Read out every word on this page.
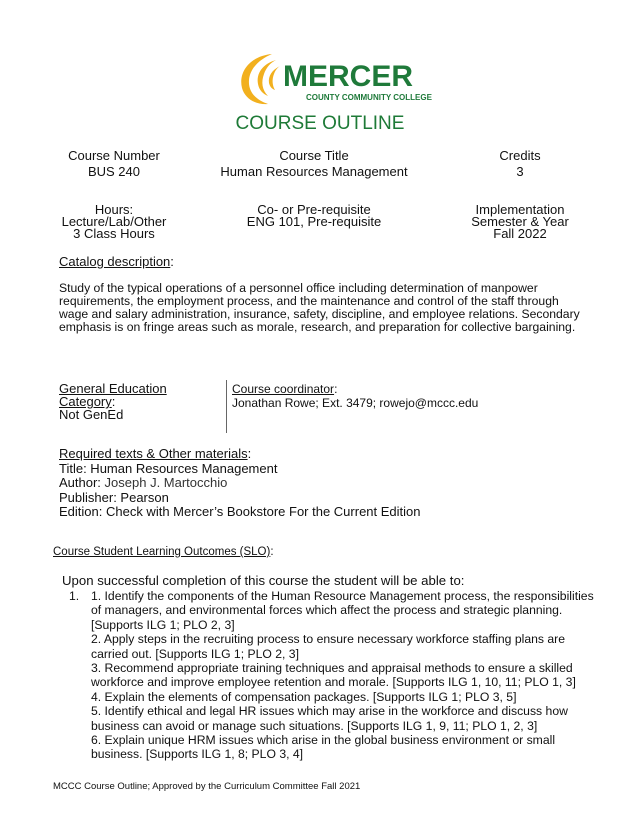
MERCER
COUNTY COMMUNITY COLLEGE
COURSE OUTLINE
Course Number
BUS 240
Course Title
Human Resources Management
Credits
3
Hours:
Lecture/Lab/Other
3 Class Hours
Co- or Pre-requisite
ENG 101, Pre-requisite
Implementation
Semester & Year
Fall 2022
Catalog description:
Study of the typical operations of a personnel office including determination of manpower requirements, the employment process, and the maintenance and control of the staff through wage and salary administration, insurance, safety, discipline, and employee relations. Secondary emphasis is on fringe areas such as morale, research, and preparation for collective bargaining.
General Education
Category:
Not GenEd
Course coordinator:
Jonathan Rowe; Ext. 3479; rowejo@mccc.edu
Required texts & Other materials:
Title: Human Resources Management
Author: Joseph J. Martocchio
Publisher: Pearson
Edition: Check with Mercer’s Bookstore For the Current Edition
Course Student Learning Outcomes (SLO):
Upon successful completion of this course the student will be able to:
1. 1. Identify the components of the Human Resource Management process, the responsibilities of managers, and environmental forces which affect the process and strategic planning. [Supports ILG 1; PLO 2, 3]

2. Apply steps in the recruiting process to ensure necessary workforce staffing plans are carried out. [Supports ILG 1; PLO 2, 3]

3. Recommend appropriate training techniques and appraisal methods to ensure a skilled workforce and improve employee retention and morale. [Supports ILG 1, 10, 11; PLO 1, 3]

4. Explain the elements of compensation packages. [Supports ILG 1; PLO 3, 5]

5. Identify ethical and legal HR issues which may arise in the workforce and discuss how business can avoid or manage such situations. [Supports ILG 1, 9, 11; PLO 1, 2, 3]

6. Explain unique HRM issues which arise in the global business environment or small business. [Supports ILG 1, 8; PLO 3, 4]

MCCC Course Outline; Approved by the Curriculum Committee Fall 2021
